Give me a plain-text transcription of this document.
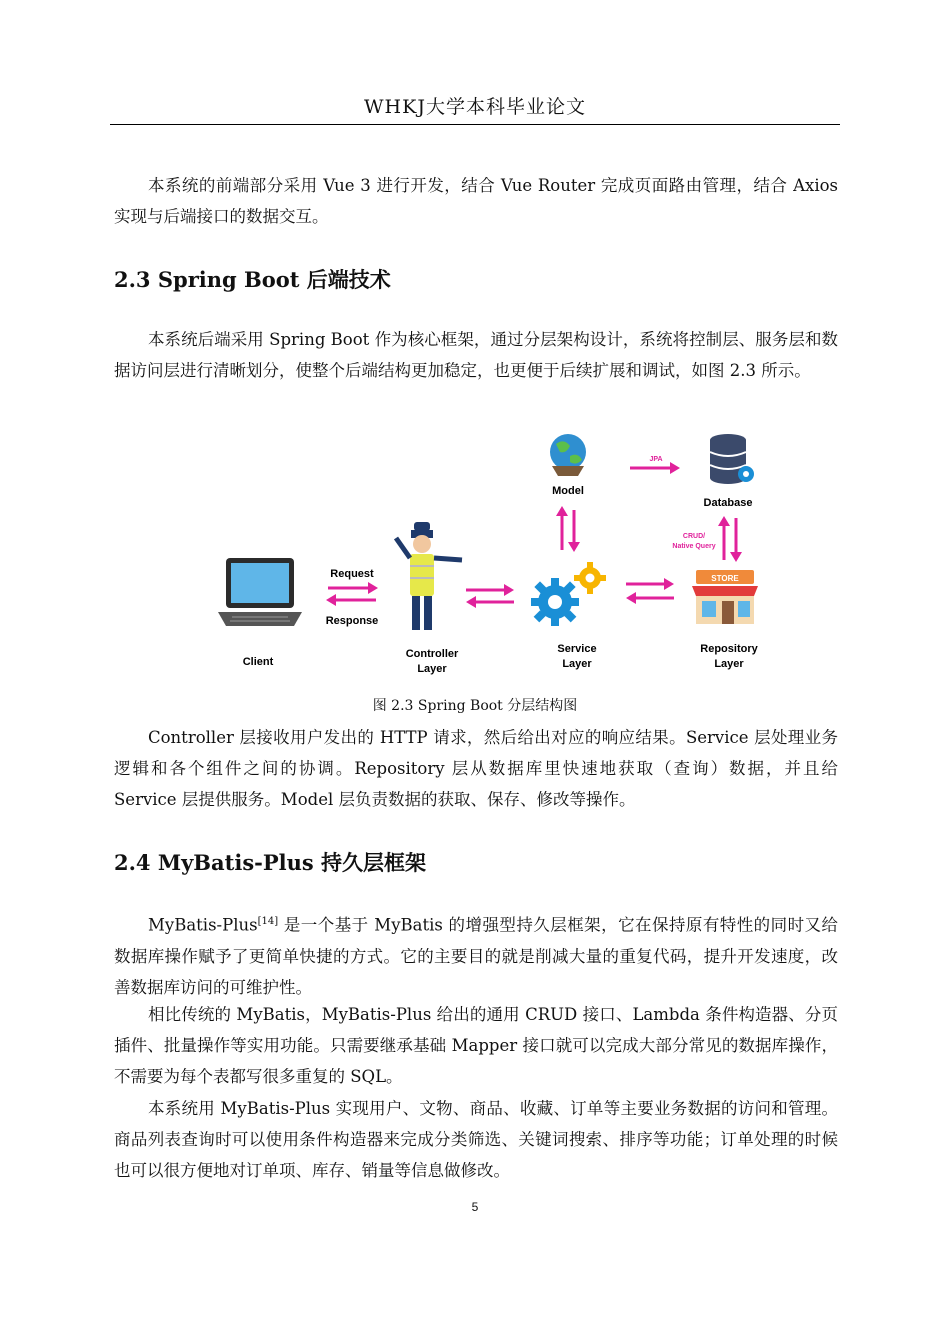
WHKJ大学本科毕业论文

本系统的前端部分采用 Vue 3 进行开发，结合 Vue Router 完成页面路由管理，结合 Axios 实现与后端接口的数据交互。

2.3 Spring Boot 后端技术

本系统后端采用 Spring Boot 作为核心框架，通过分层架构设计，系统将控制层、服务层和数据访问层进行清晰划分，使整个后端结构更加稳定，也更便于后续扩展和调试，如图 2.3 所示。

Client
Request
Response
Controller
Layer
Model
Service
Layer
JPA
Database
CRUD/
Native Query
STORE
Repository
Layer
图 2.3 Spring Boot 分层结构图

Controller 层接收用户发出的 HTTP 请求，然后给出对应的响应结果。Service 层处理业务逻辑和各个组件之间的协调。Repository 层从数据库里快速地获取（查询）数据，并且给 Service 层提供服务。Model 层负责数据的获取、保存、修改等操作。

2.4 MyBatis-Plus 持久层框架

MyBatis-Plus[14] 是一个基于 MyBatis 的增强型持久层框架，它在保持原有特性的同时又给数据库操作赋予了更简单快捷的方式。它的主要目的就是削减大量的重复代码，提升开发速度，改善数据库访问的可维护性。

相比传统的 MyBatis，MyBatis-Plus 给出的通用 CRUD 接口、Lambda 条件构造器、分页插件、批量操作等实用功能。只需要继承基础 Mapper 接口就可以完成大部分常见的数据库操作，不需要为每个表都写很多重复的 SQL。

本系统用 MyBatis-Plus 实现用户、文物、商品、收藏、订单等主要业务数据的访问和管理。商品列表查询时可以使用条件构造器来完成分类筛选、关键词搜索、排序等功能；订单处理的时候也可以很方便地对订单项、库存、销量等信息做修改。

5
